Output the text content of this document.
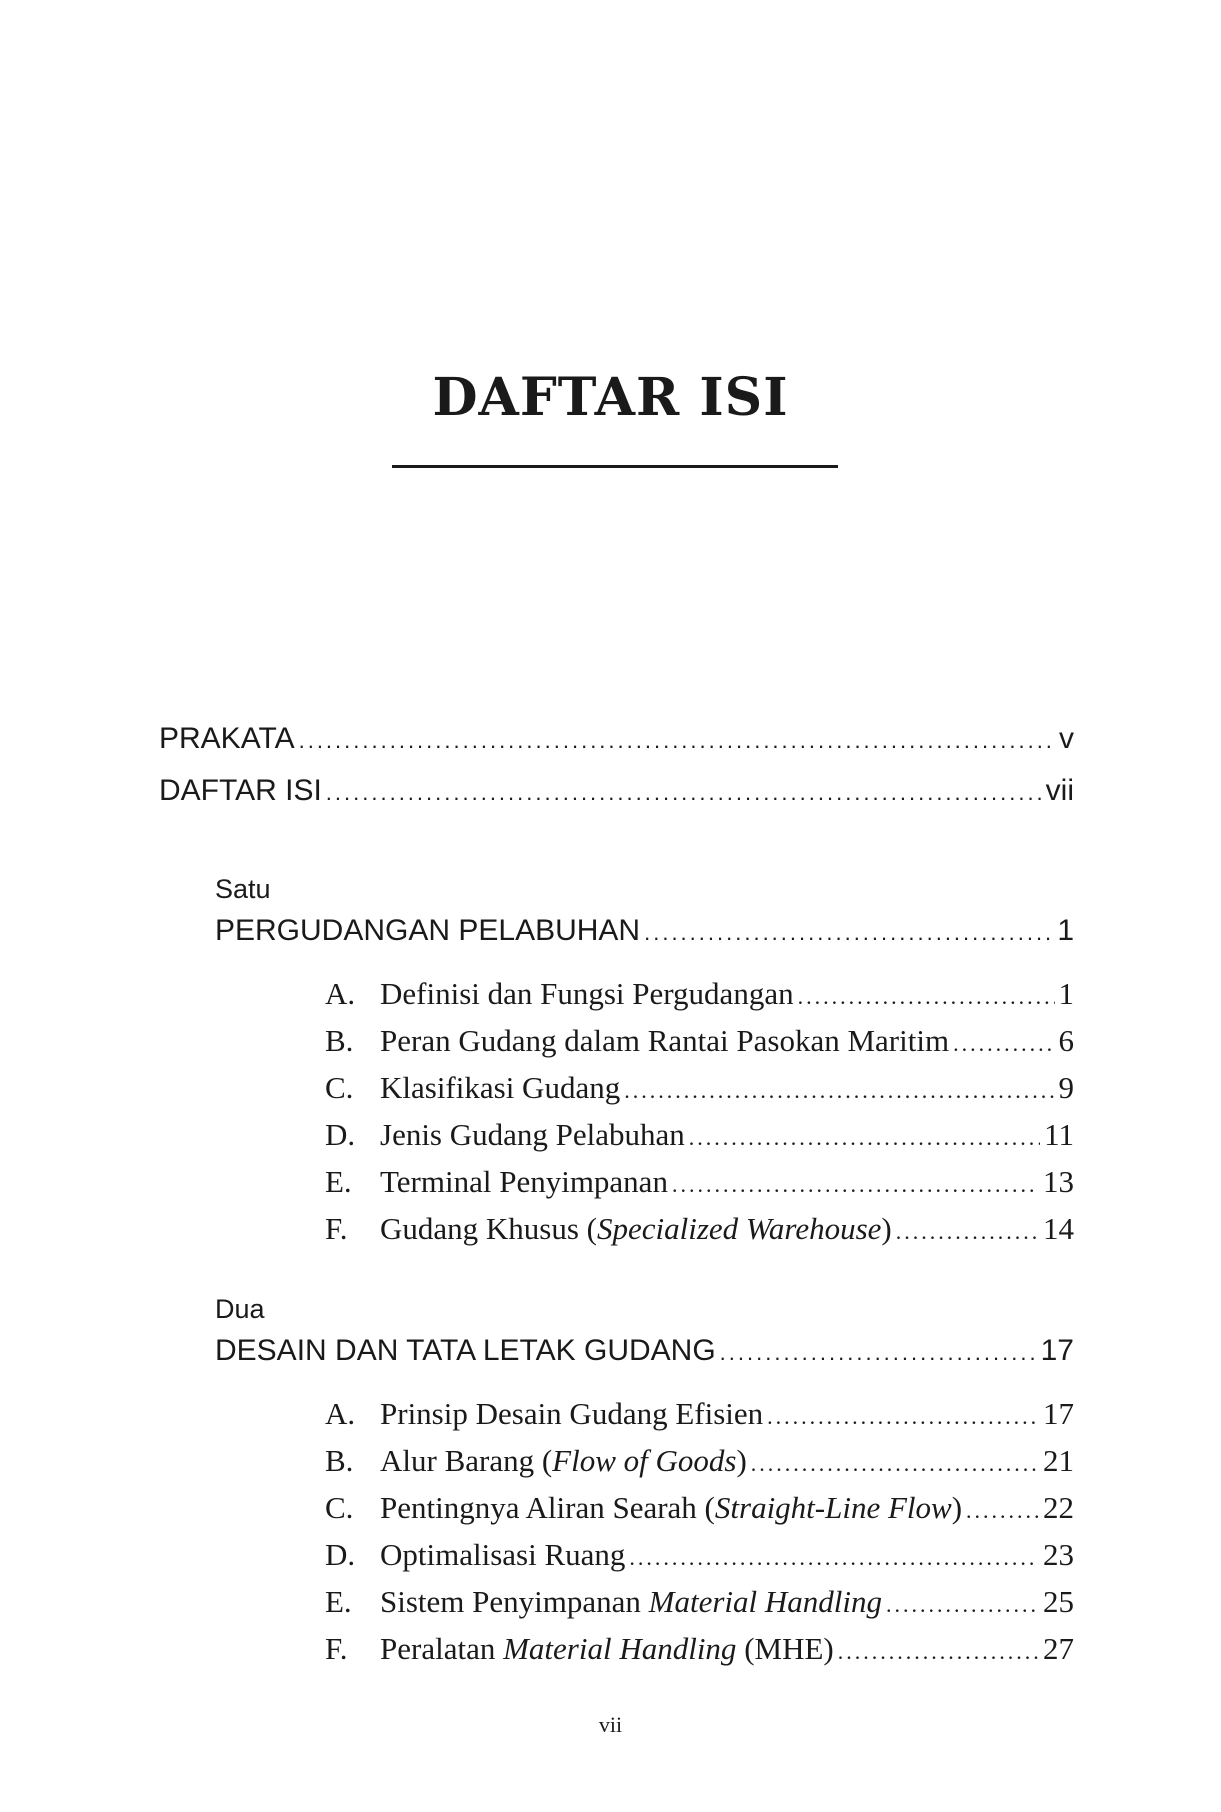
DAFTAR ISI
PRAKATA .....	v
DAFTAR ISI .....	vii
Satu
PERGUDANGAN PELABUHAN .....	1
A. Definisi dan Fungsi Pergudangan .....	1
B. Peran Gudang dalam Rantai Pasokan Maritim .....	6
C. Klasifikasi Gudang .....	9
D. Jenis Gudang Pelabuhan .....	11
E. Terminal Penyimpanan .....	13
F.	Gudang Khusus (Specialized Warehouse) .....	14
Dua
DESAIN DAN TATA LETAK GUDANG .....	17
A. Prinsip Desain Gudang Efisien .....	17
B. Alur Barang (Flow of Goods) .....	21
C. Pentingnya Aliran Searah (Straight-Line Flow) .....	22
D. Optimalisasi Ruang .....	23
E. Sistem Penyimpanan Material Handling .....	25
F.	Peralatan Material Handling (MHE) .....	27
vii
